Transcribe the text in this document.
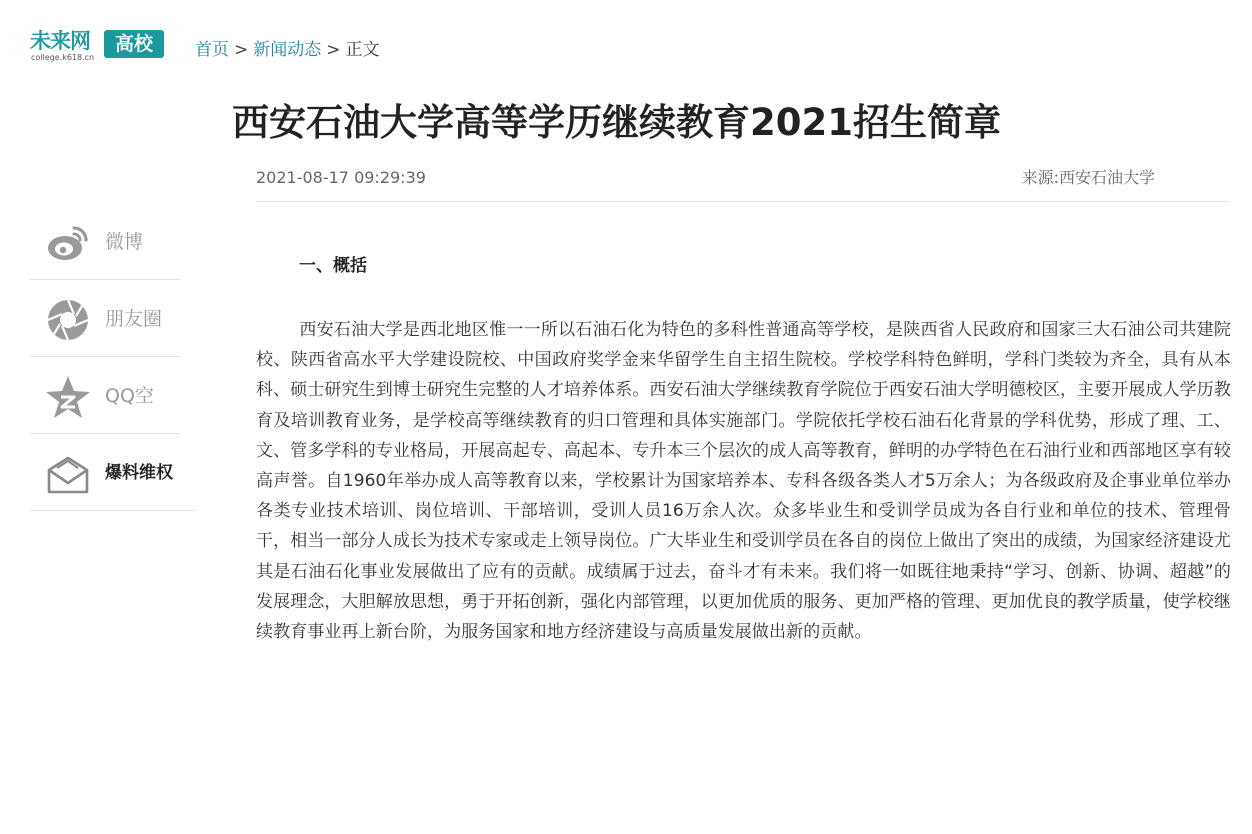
未来网
college.k618.cn
高校	首页 > 新闻动态 > 正文
西安石油大学高等学历继续教育2021招生简章
2021-08-17 09:29:39	来源:西安石油大学
微博
朋友圈
QQ空
爆料维权

一、概括

西安石油大学是西北地区惟一一所以石油石化为特色的多科性普通高等学校，是陕西省人民政府和国家三大石油公司共建院校、陕西省高水平大学建设院校、中国政府奖学金来华留学生自主招生院校。学校学科特色鲜明，学科门类较为齐全，具有从本科、硕士研究生到博士研究生完整的人才培养体系。西安石油大学继续教育学院位于西安石油大学明德校区，主要开展成人学历教育及培训教育业务，是学校高等继续教育的归口管理和具体实施部门。学院依托学校石油石化背景的学科优势，形成了理、工、文、管多学科的专业格局，开展高起专、高起本、专升本三个层次的成人高等教育，鲜明的办学特色在石油行业和西部地区享有较高声誉。自1960年举办成人高等教育以来，学校累计为国家培养本、专科各级各类人才5万余人；为各级政府及企事业单位举办各类专业技术培训、岗位培训、干部培训，受训人员16万余人次。众多毕业生和受训学员成为各自行业和单位的技术、管理骨干，相当一部分人成长为技术专家或走上领导岗位。广大毕业生和受训学员在各自的岗位上做出了突出的成绩，为国家经济建设尤其是石油石化事业发展做出了应有的贡献。成绩属于过去，奋斗才有未来。我们将一如既往地秉持“学习、创新、协调、超越”的发展理念，大胆解放思想，勇于开拓创新，强化内部管理，以更加优质的服务、更加严格的管理、更加优良的教学质量，使学校继续教育事业再上新台阶，为服务国家和地方经济建设与高质量发展做出新的贡献。
